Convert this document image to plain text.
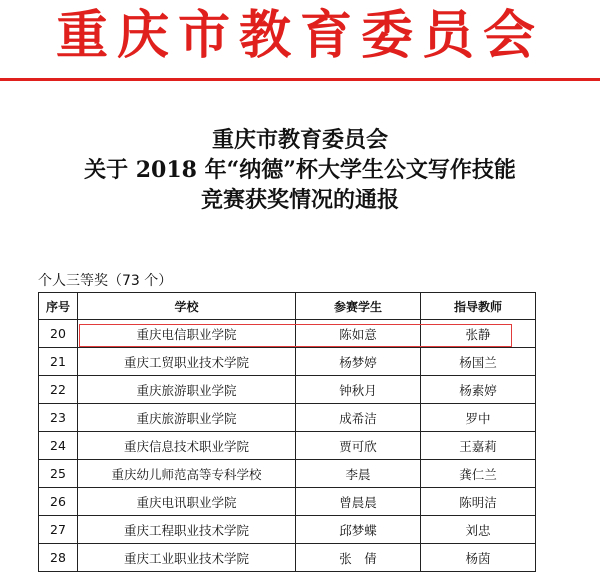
重庆市教育委员会
重庆市教育委员会
关于 2018 年“纳德”杯大学生公文写作技能
竞赛获奖情况的通报
个人三等奖（73 个）
序号	学校	参赛学生	指导教师
20	重庆电信职业学院	陈如意	张静
21	重庆工贸职业技术学院	杨梦婷	杨国兰
22	重庆旅游职业学院	钟秋月	杨素婷
23	重庆旅游职业学院	成希洁	罗中
24	重庆信息技术职业学院	贾可欣	王嘉莉
25	重庆幼儿师范高等专科学校	李晨	龚仁兰
26	重庆电讯职业学院	曾晨晨	陈明洁
27	重庆工程职业技术学院	邱梦蝶	刘忠
28	重庆工业职业技术学院	张　倩	杨茵
